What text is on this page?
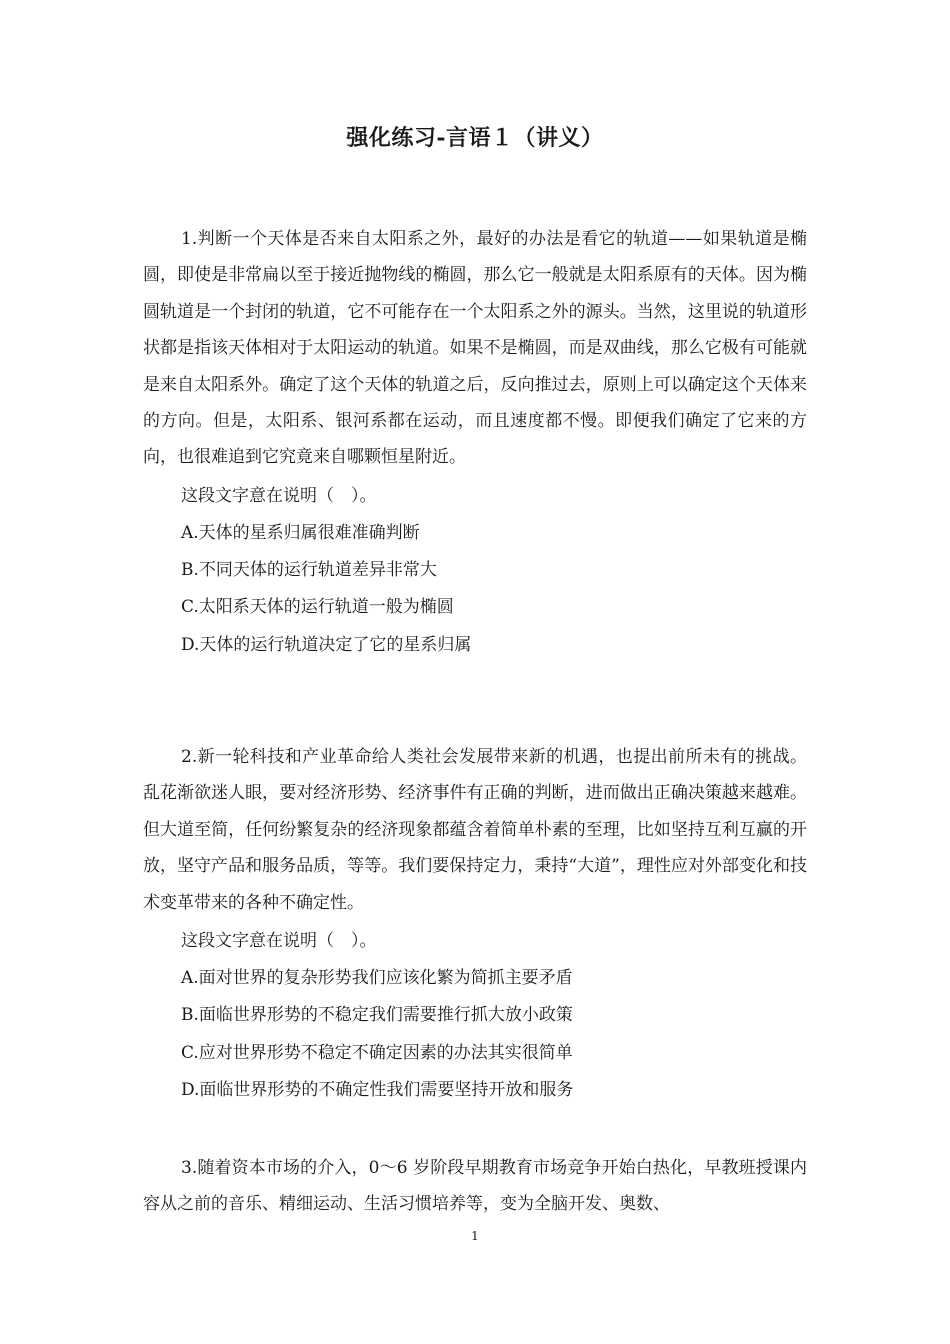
强化练习-言语１（讲义）

1.判断一个天体是否来自太阳系之外，最好的办法是看它的轨道——如果轨道是椭圆，即使是非常扁以至于接近抛物线的椭圆，那么它一般就是太阳系原有的天体。因为椭圆轨道是一个封闭的轨道，它不可能存在一个太阳系之外的源头。当然，这里说的轨道形状都是指该天体相对于太阳运动的轨道。如果不是椭圆，而是双曲线，那么它极有可能就是来自太阳系外。确定了这个天体的轨道之后，反向推过去，原则上可以确定这个天体来的方向。但是，太阳系、银河系都在运动，而且速度都不慢。即便我们确定了它来的方向，也很难追到它究竟来自哪颗恒星附近。

这段文字意在说明（　）。

A.天体的星系归属很难准确判断

B.不同天体的运行轨道差异非常大

C.太阳系天体的运行轨道一般为椭圆

D.天体的运行轨道决定了它的星系归属

2.新一轮科技和产业革命给人类社会发展带来新的机遇，也提出前所未有的挑战。乱花渐欲迷人眼，要对经济形势、经济事件有正确的判断，进而做出正确决策越来越难。但大道至简，任何纷繁复杂的经济现象都蕴含着简单朴素的至理，比如坚持互利互赢的开放，坚守产品和服务品质，等等。我们要保持定力，秉持“大道”，理性应对外部变化和技术变革带来的各种不确定性。

这段文字意在说明（　）。

A.面对世界的复杂形势我们应该化繁为简抓主要矛盾

B.面临世界形势的不稳定我们需要推行抓大放小政策

C.应对世界形势不稳定不确定因素的办法其实很简单

D.面临世界形势的不确定性我们需要坚持开放和服务

3.随着资本市场的介入，0～6 岁阶段早期教育市场竞争开始白热化，早教班授课内容从之前的音乐、精细运动、生活习惯培养等，变为全脑开发、奥数、

1
